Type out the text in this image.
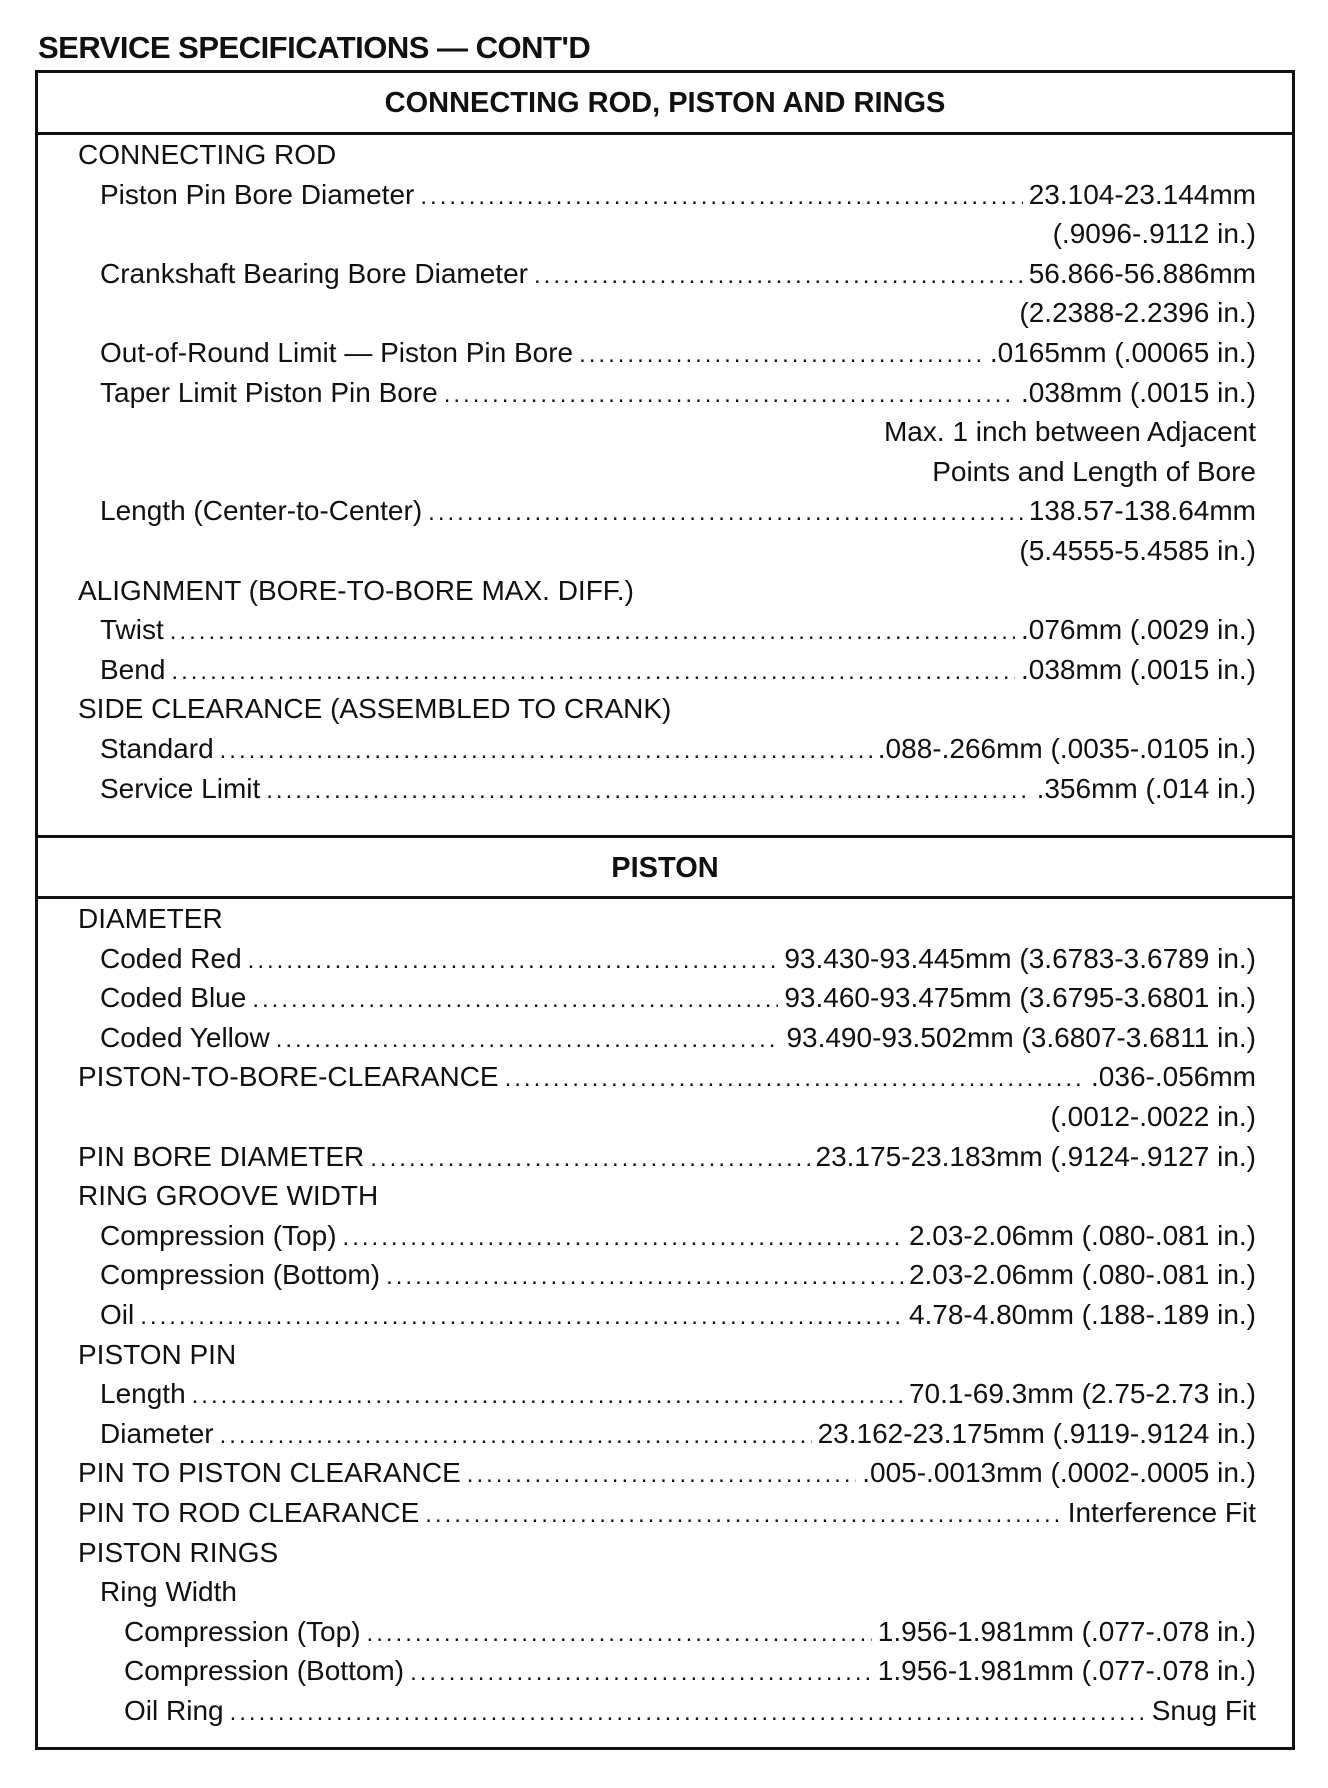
SERVICE SPECIFICATIONS — CONT'D
CONNECTING ROD, PISTON AND RINGS
CONNECTING ROD
Piston Pin Bore Diameter .....	23.104-23.144mm
(.9096-.9112 in.)
Crankshaft Bearing Bore Diameter .....	56.866-56.886mm
(2.2388-2.2396 in.)
Out-of-Round Limit — Piston Pin Bore .....	.0165mm (.00065 in.)
Taper Limit Piston Pin Bore .....	.038mm (.0015 in.)
Max. 1 inch between Adjacent
Points and Length of Bore
Length (Center-to-Center) .....	138.57-138.64mm
(5.4555-5.4585 in.)
ALIGNMENT (BORE-TO-BORE MAX. DIFF.)
Twist .....	.076mm (.0029 in.)
Bend .....	.038mm (.0015 in.)
SIDE CLEARANCE (ASSEMBLED TO CRANK)
Standard .....	.088-.266mm (.0035-.0105 in.)
Service Limit .....	.356mm (.014 in.)
PISTON
DIAMETER
Coded Red .....	93.430-93.445mm (3.6783-3.6789 in.)
Coded Blue .....	93.460-93.475mm (3.6795-3.6801 in.)
Coded Yellow .....	93.490-93.502mm (3.6807-3.6811 in.)
PISTON-TO-BORE-CLEARANCE .....	.036-.056mm
(.0012-.0022 in.)
PIN BORE DIAMETER .....	23.175-23.183mm (.9124-.9127 in.)
RING GROOVE WIDTH
Compression (Top) .....	2.03-2.06mm (.080-.081 in.)
Compression (Bottom) .....	2.03-2.06mm (.080-.081 in.)
Oil .....	4.78-4.80mm (.188-.189 in.)
PISTON PIN
Length .....	70.1-69.3mm (2.75-2.73 in.)
Diameter .....	23.162-23.175mm (.9119-.9124 in.)
PIN TO PISTON CLEARANCE .....	.005-.0013mm (.0002-.0005 in.)
PIN TO ROD CLEARANCE .....	Interference Fit
PISTON RINGS
Ring Width
Compression (Top) .....	1.956-1.981mm (.077-.078 in.)
Compression (Bottom) .....	1.956-1.981mm (.077-.078 in.)
Oil Ring .....	Snug Fit
